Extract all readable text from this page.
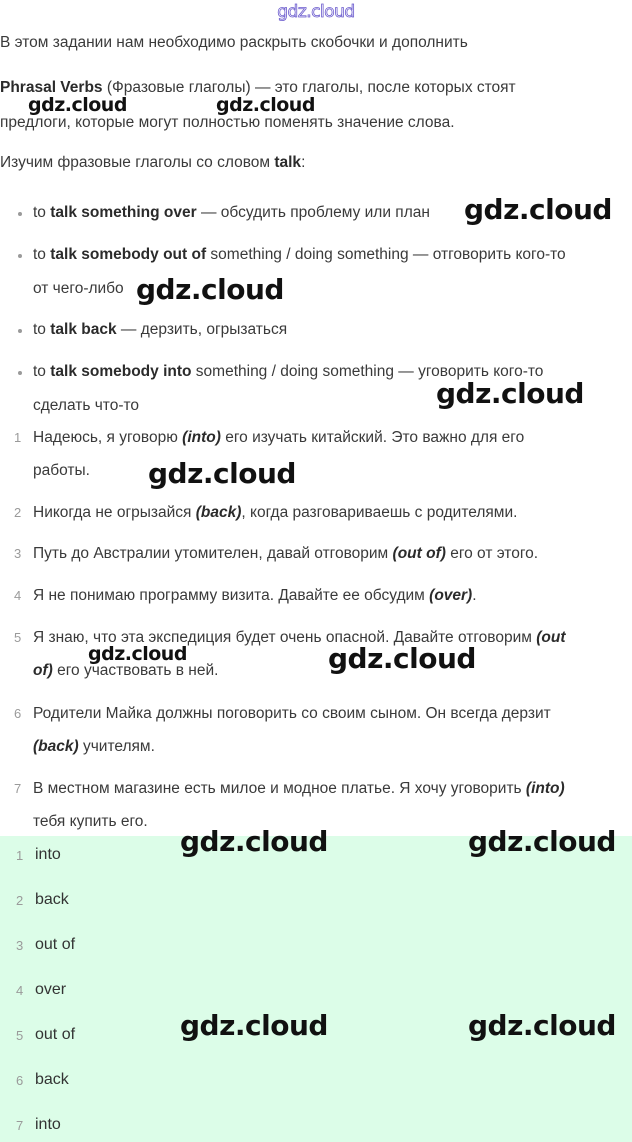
gdz.cloud
В этом задании нам необходимо раскрыть скобочки и дополнить
Phrasal Verbs (Фразовые глаголы) — это глаголы, после которых стоят
предлоги, которые могут полностью поменять значение слова.
Изучим фразовые глаголы со словом talk:
to talk something over — обсудить проблему или план
to talk somebody out of something / doing something — отговорить кого-то
от чего-либо
to talk back — дерзить, огрызаться
to talk somebody into something / doing something — уговорить кого-то
сделать что-то
1 Надеюсь, я уговорю (into) его изучать китайский. Это важно для его
работы.
2 Никогда не огрызайся (back), когда разговариваешь с родителями.
3 Путь до Австралии утомителен, давай отговорим (out of) его от этого.
4 Я не понимаю программу визита. Давайте ее обсудим (over).
5 Я знаю, что эта экспедиция будет очень опасной. Давайте отговорим (out
of) его участвовать в ней.
6 Родители Майка должны поговорить со своим сыном. Он всегда дерзит
(back) учителям.
7 В местном магазине есть милое и модное платье. Я хочу уговорить (into)
тебя купить его.
1 into
2 back
3 out of
4 over
5 out of
6 back
7 into
gdz.cloud	gdz.cloud
gdz.cloud
gdz.cloud
gdz.cloud
gdz.cloud
gdz.cloud	gdz.cloud
gdz.cloud	gdz.cloud
gdz.cloud	gdz.cloud
